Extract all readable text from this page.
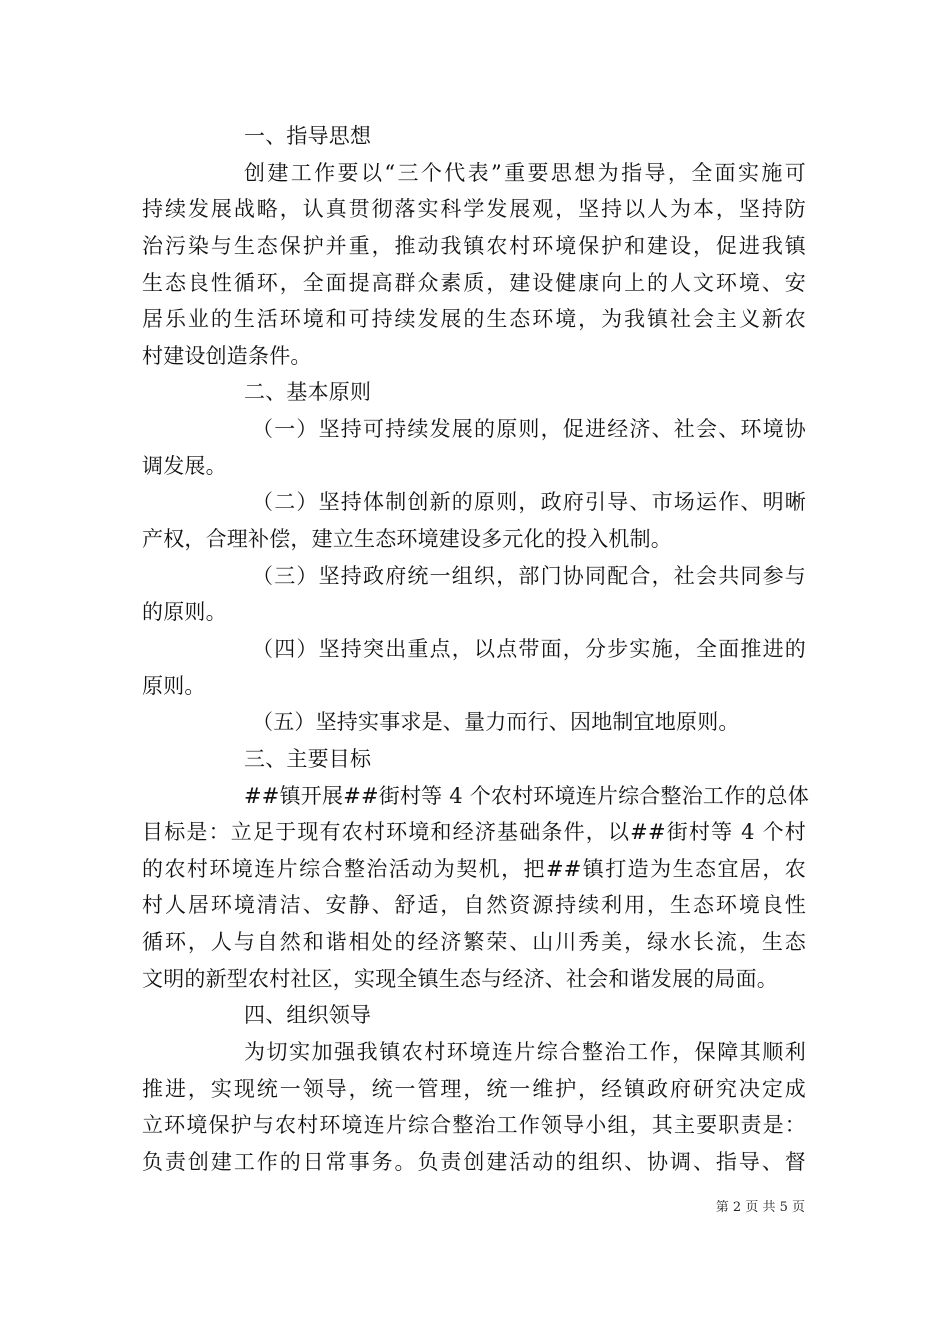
一、指导思想
创建工作要以“三个代表”重要思想为指导，全面实施可
持续发展战略，认真贯彻落实科学发展观，坚持以人为本，坚持防
治污染与生态保护并重，推动我镇农村环境保护和建设，促进我镇
生态良性循环，全面提高群众素质，建设健康向上的人文环境、安
居乐业的生活环境和可持续发展的生态环境，为我镇社会主义新农
村建设创造条件。
二、基本原则
（一）坚持可持续发展的原则，促进经济、社会、环境协
调发展。
（二）坚持体制创新的原则，政府引导、市场运作、明晰
产权，合理补偿，建立生态环境建设多元化的投入机制。
（三）坚持政府统一组织，部门协同配合，社会共同参与
的原则。
（四）坚持突出重点，以点带面，分步实施，全面推进的
原则。
（五）坚持实事求是、量力而行、因地制宜地原则。
三、主要目标
##镇开展##街村等 4 个农村环境连片综合整治工作的总体
目标是：立足于现有农村环境和经济基础条件，以##街村等 4 个村
的农村环境连片综合整治活动为契机，把##镇打造为生态宜居，农
村人居环境清洁、安静、舒适，自然资源持续利用，生态环境良性
循环，人与自然和谐相处的经济繁荣、山川秀美，绿水长流，生态
文明的新型农村社区，实现全镇生态与经济、社会和谐发展的局面。
四、组织领导
为切实加强我镇农村环境连片综合整治工作，保障其顺利
推进，实现统一领导，统一管理，统一维护，经镇政府研究决定成
立环境保护与农村环境连片综合整治工作领导小组，其主要职责是：
负责创建工作的日常事务。负责创建活动的组织、协调、指导、督
第 2 页 共 5 页
